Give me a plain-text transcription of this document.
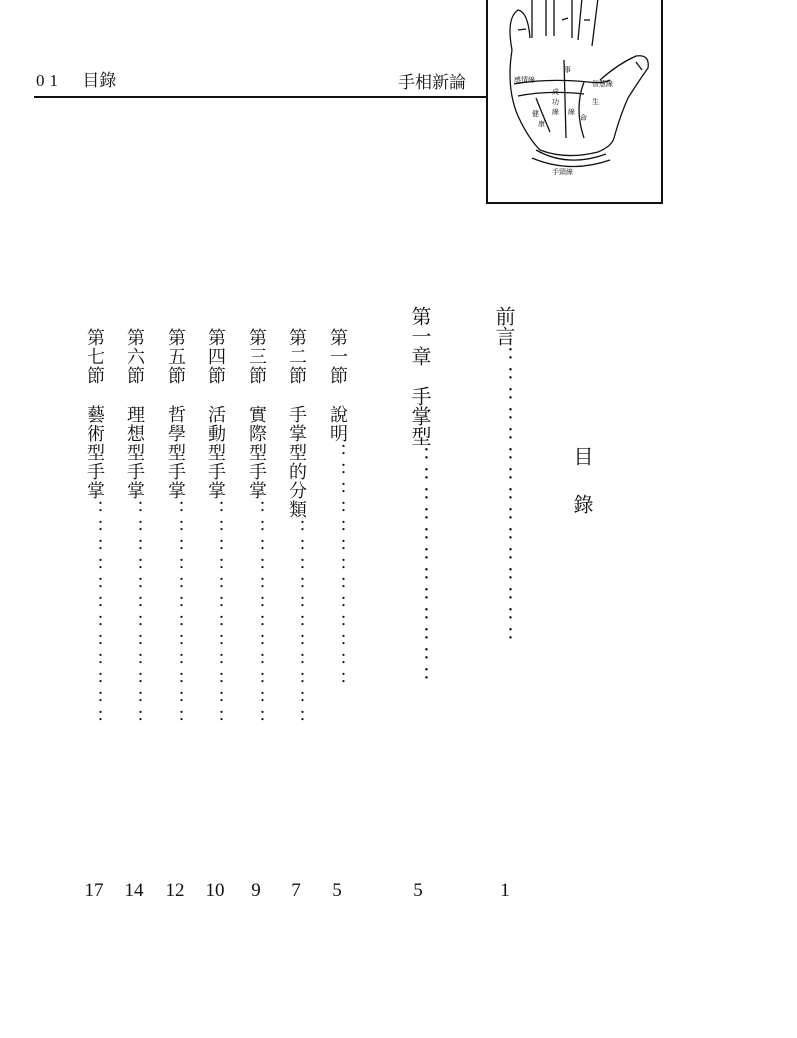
01 目錄	手相新論
事
感情線	智慧線
生
命
成
功
線
健
康
線
手頸線
目錄
前言：：：：：：：：：：：：：：：
1
第一章手掌型：：：：：：：：：：：：
5
第一節說明：：：：：：：：：：：：：
5
第二節手掌型的分類：：：：：：：：：：：
7
第三節實際型手掌：：：：：：：：：：：：
9
第四節活動型手掌：：：：：：：：：：：：
10
第五節哲學型手掌：：：：：：：：：：：：
12
第六節理想型手掌：：：：：：：：：：：：
14
第七節藝術型手掌：：：：：：：：：：：：
17
